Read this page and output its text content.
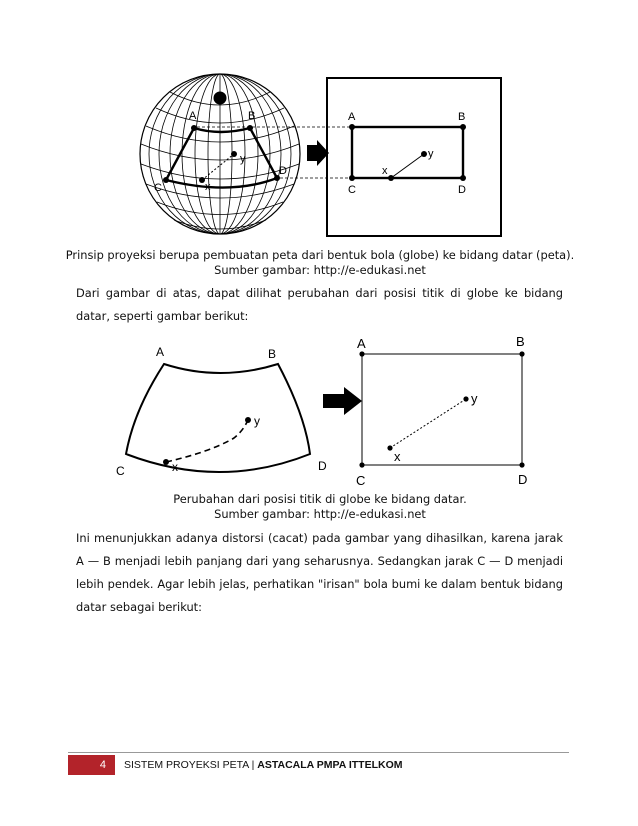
A	B
C
D
x
y
A	B
C	D
x
y
Prinsip proyeksi berupa pembuatan peta dari bentuk bola (globe) ke bidang datar (peta).
Sumber gambar: http://e-edukasi.net
Dari gambar di atas, dapat dilihat perubahan dari posisi titik di globe ke bidang datar, seperti gambar berikut:
A	B
C	D
x
y
A	B
C	D
x
y
Perubahan dari posisi titik di globe ke bidang datar.
Sumber gambar: http://e-edukasi.net
Ini menunjukkan adanya distorsi (cacat) pada gambar yang dihasilkan, karena jarak A — B menjadi lebih panjang dari yang seharusnya. Sedangkan jarak C — D menjadi lebih pendek. Agar lebih jelas, perhatikan "irisan" bola bumi ke dalam bentuk bidang datar sebagai berikut:
4	SISTEM PROYEKSI PETA | ASTACALA PMPA ITTELKOM
